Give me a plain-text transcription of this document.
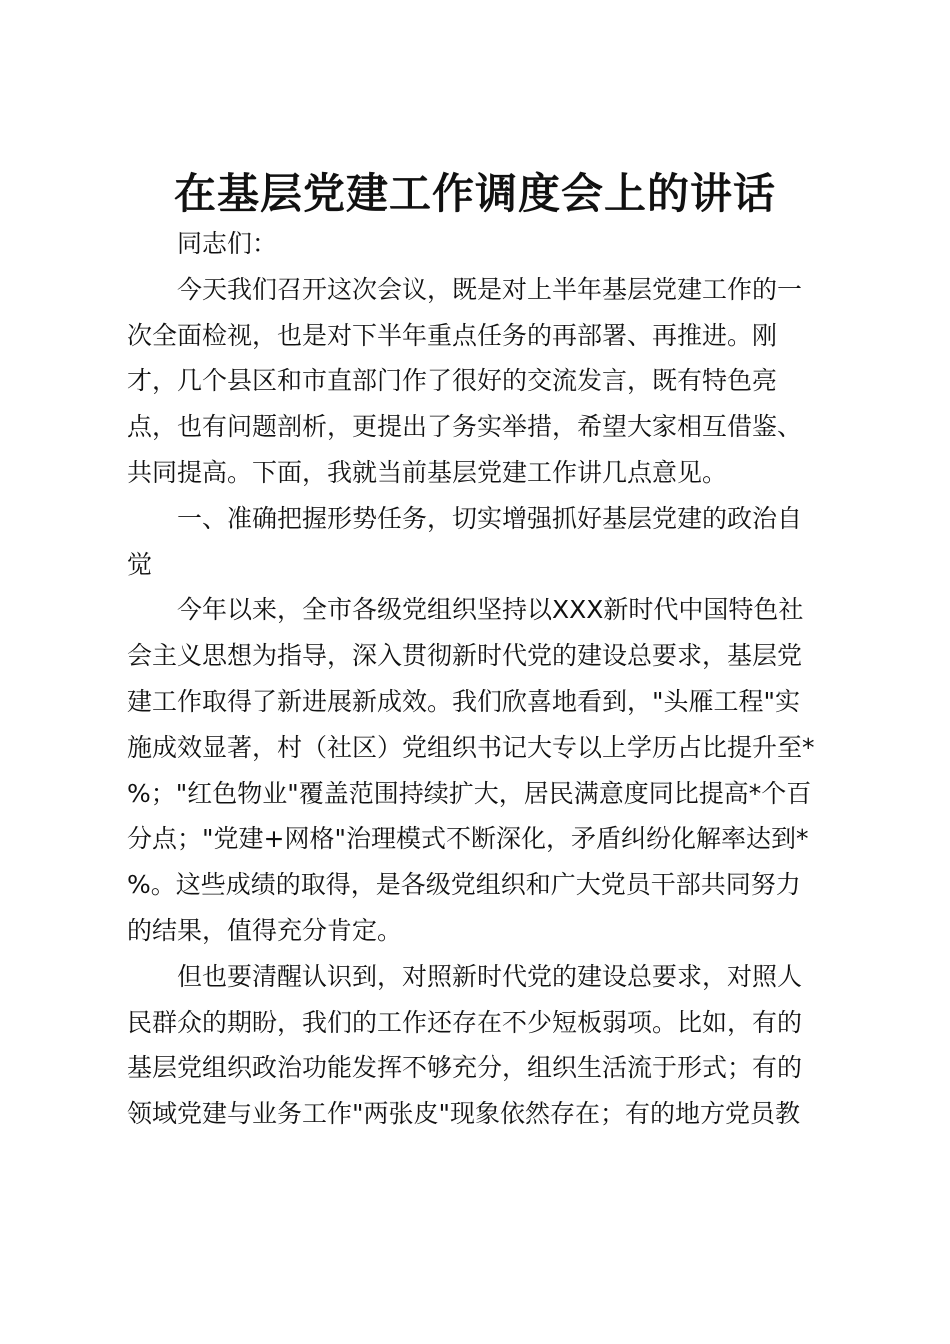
在基层党建工作调度会上的讲话
同志们：
今天我们召开这次会议，既是对上半年基层党建工作的一
次全面检视，也是对下半年重点任务的再部署、再推进。刚
才，几个县区和市直部门作了很好的交流发言，既有特色亮
点，也有问题剖析，更提出了务实举措，希望大家相互借鉴、
共同提高。下面，我就当前基层党建工作讲几点意见。
一、准确把握形势任务，切实增强抓好基层党建的政治自
觉
今年以来，全市各级党组织坚持以XXX新时代中国特色社
会主义思想为指导，深入贯彻新时代党的建设总要求，基层党
建工作取得了新进展新成效。我们欣喜地看到，"头雁工程"实
施成效显著，村（社区）党组织书记大专以上学历占比提升至*
%；"红色物业"覆盖范围持续扩大，居民满意度同比提高*个百
分点；"党建+网格"治理模式不断深化，矛盾纠纷化解率达到*
%。这些成绩的取得，是各级党组织和广大党员干部共同努力
的结果，值得充分肯定。
但也要清醒认识到，对照新时代党的建设总要求，对照人
民群众的期盼，我们的工作还存在不少短板弱项。比如，有的
基层党组织政治功能发挥不够充分，组织生活流于形式；有的
领域党建与业务工作"两张皮"现象依然存在；有的地方党员教
